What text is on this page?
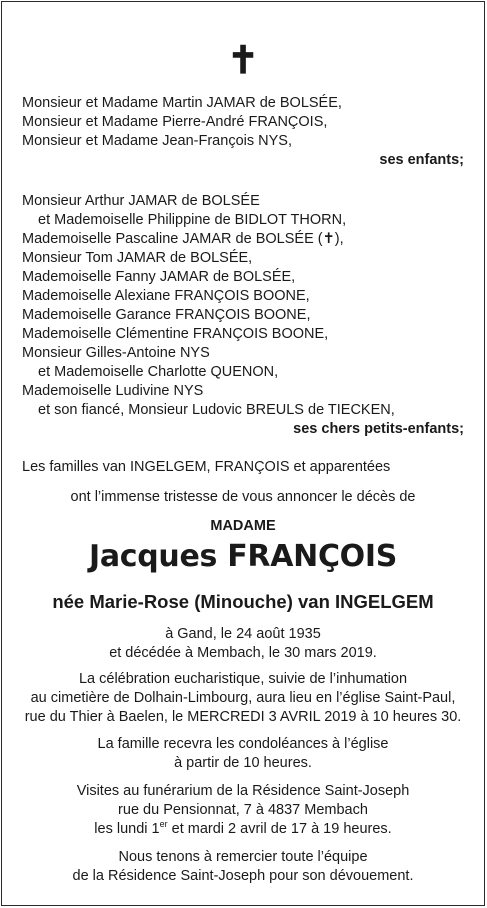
✝
Monsieur et Madame Martin JAMAR de BOLSÉE,
Monsieur et Madame Pierre-André FRANÇOIS,
Monsieur et Madame Jean-François NYS,
ses enfants;
Monsieur Arthur JAMAR de BOLSÉE
et Mademoiselle Philippine de BIDLOT THORN,
Mademoiselle Pascaline JAMAR de BOLSÉE (✝),
Monsieur Tom JAMAR de BOLSÉE,
Mademoiselle Fanny JAMAR de BOLSÉE,
Mademoiselle Alexiane FRANÇOIS BOONE,
Mademoiselle Garance FRANÇOIS BOONE,
Mademoiselle Clémentine FRANÇOIS BOONE,
Monsieur Gilles-Antoine NYS
et Mademoiselle Charlotte QUENON,
Mademoiselle Ludivine NYS
et son fiancé, Monsieur Ludovic BREULS de TIECKEN,
ses chers petits-enfants;
Les familles van INGELGEM, FRANÇOIS et apparentées
ont l’immense tristesse de vous annoncer le décès de
MADAME
Jacques FRANÇOIS
née Marie-Rose (Minouche) van INGELGEM
à Gand, le 24 août 1935
et décédée à Membach, le 30 mars 2019.
La célébration eucharistique, suivie de l’inhumation
au cimetière de Dolhain-Limbourg, aura lieu en l’église Saint-Paul,
rue du Thier à Baelen, le MERCREDI 3 AVRIL 2019 à 10 heures 30.
La famille recevra les condoléances à l’église
à partir de 10 heures.
Visites au funérarium de la Résidence Saint-Joseph
rue du Pensionnat, 7 à 4837 Membach
les lundi 1er et mardi 2 avril de 17 à 19 heures.
Nous tenons à remercier toute l’équipe
de la Résidence Saint-Joseph pour son dévouement.
